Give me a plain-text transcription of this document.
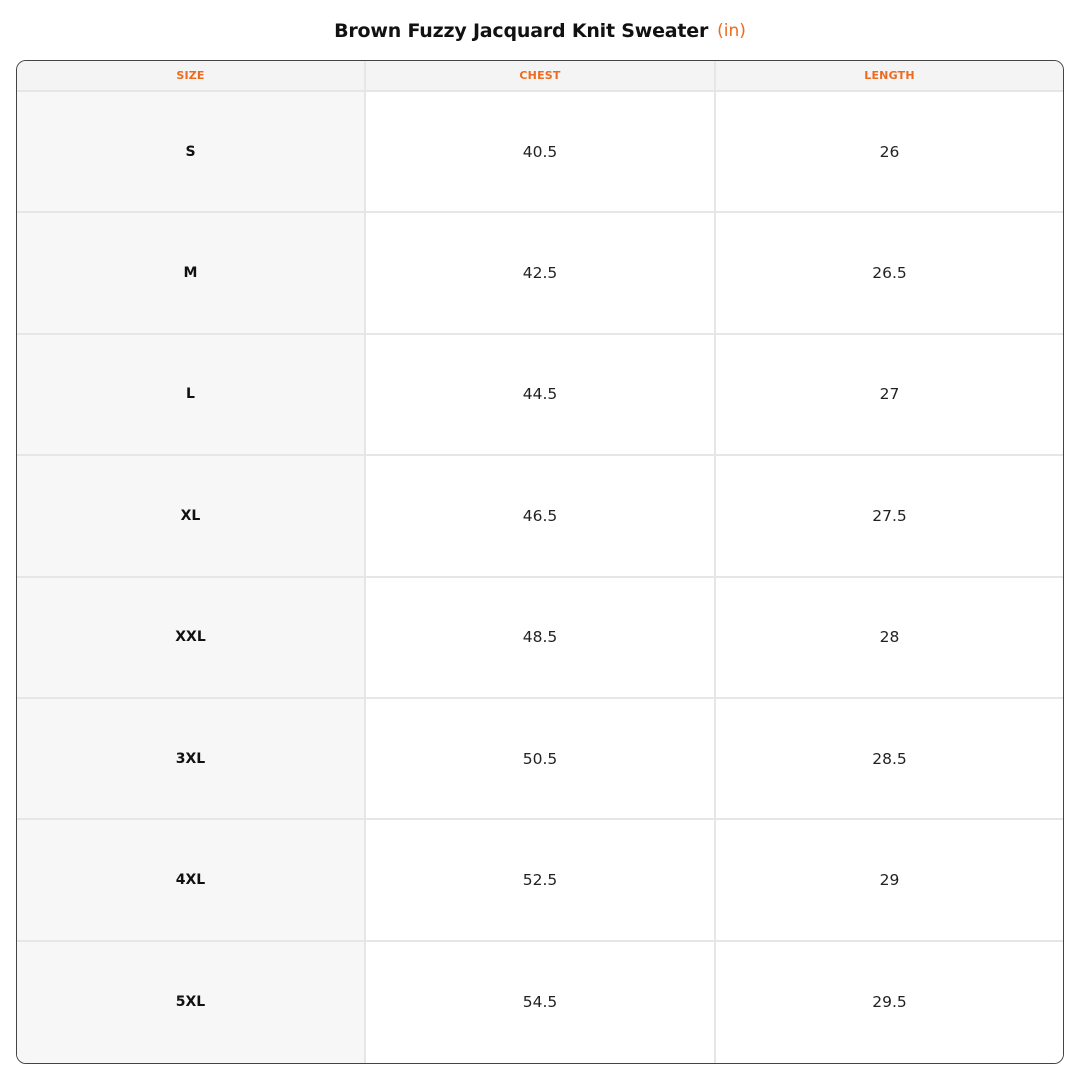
Brown Fuzzy Jacquard Knit Sweater (in)
SIZE	CHEST	LENGTH
S	40.5	26
M	42.5	26.5
L	44.5	27
XL	46.5	27.5
XXL	48.5	28
3XL	50.5	28.5
4XL	52.5	29
5XL	54.5	29.5
